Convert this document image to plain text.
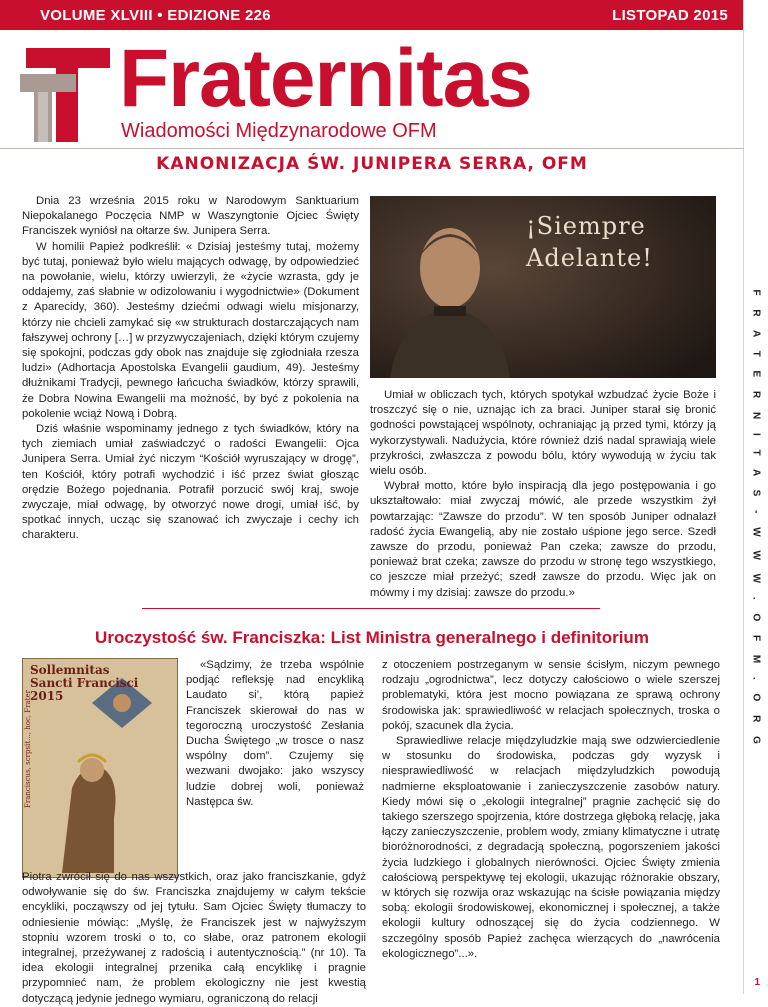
VOLUME XLVIII • EDIZIONE 226	LISTOPAD 2015
F R A T E R N I T A S - W W W . O F M . O R G
1
Fraternitas
Wiadomości Międzynarodowe OFM
KANONIZACJA ŚW. JUNIPERA SERRA, OFM

Dnia 23 września 2015 roku w Narodowym Sanktuarium Niepokalanego Poczęcia NMP w Waszyngtonie Ojciec Święty Franciszek wyniósł na ołtarze św. Junipera Serra.

W homilii Papież podkreślił: « Dzisiaj jesteśmy tutaj, możemy być tutaj, ponieważ było wielu mających odwagę, by odpowiedzieć na powołanie, wielu, którzy uwierzyli, że «życie wzrasta, gdy je oddajemy, zaś słabnie w odizolowaniu i wygodnictwie» (Dokument z Aparecidy, 360). Jesteśmy dziećmi odwagi wielu misjonarzy, którzy nie chcieli zamykać się «w strukturach dostarczających nam fałszywej ochrony […] w przyzwyczajeniach, dzięki którym czujemy się spokojni, podczas gdy obok nas znajduje się zgłodniała rzesza ludzi» (Adhortacja Apostolska Evangelii gaudium, 49). Jesteśmy dłużnikami Tradycji, pewnego łańcucha świadków, którzy sprawili, że Dobra Nowina Ewangelii ma możność, by być z pokolenia na pokolenie wciąż Nową i Dobrą.

Dziś właśnie wspominamy jednego z tych świadków, który na tych ziemiach umiał zaświadczyć o radości Ewangelii: Ojca Junipera Serra. Umiał żyć niczym “Kościół wyruszający w drogę”, ten Kościół, który potrafi wychodzić i iść przez świat głosząc orędzie Bożego pojednania. Potrafił porzucić swój kraj, swoje zwyczaje, miał odwagę, by otworzyć nowe drogi, umiał iść, by spotkać innych, ucząc się szanować ich zwyczaje i cechy ich charakteru.

¡Siempre
Adelante!

Umiał w obliczach tych, których spotykał wzbudzać życie Boże i troszczyć się o nie, uznając ich za braci. Juniper starał się bronić godności powstającej wspólnoty, ochraniając ją przed tymi, którzy ją wykorzystywali. Nadużycia, które również dziś nadal sprawiają wiele przykrości, zwłaszcza z powodu bólu, który wywodują w życiu tak wielu osób.

Wybrał motto, które było inspiracją dla jego postępowania i go ukształtowało: miał zwyczaj mówić, ale przede wszystkim żył powtarzając: “Zawsze do przodu”. W ten sposób Juniper odnalazł radość życia Ewangelią, aby nie zostało uśpione jego serce. Szedł zawsze do przodu, ponieważ Pan czeka; zawsze do przodu, ponieważ brat czeka; zawsze do przodu w stronę tego wszystkiego, co jeszcze miał przeżyć; szedł zawsze do przodu. Więc jak on mówmy i my dzisiaj: zawsze do przodu.»

Uroczystość św. Franciszka: List Ministra generalnego i definitorium
Sollemnitas
Sancti Francisci
2015
Franciscus, scrpsit..., hoc, Frater

«Sądzimy, że trzeba wspólnie podjąć refleksję nad encykliką Laudato si’, którą papież Franciszek skierował do nas w tegoroczną uroczystość Zesłania Ducha Świętego „w trosce o nasz wspólny dom”. Czujemy się wezwani dwojako: jako wszyscy ludzie dobrej woli, ponieważ Następca św.

Piotra zwrócił się do nas wszystkich, oraz jako franciszkanie, gdyż odwoływanie się do św. Franciszka znajdujemy w całym tekście encykliki, począwszy od jej tytułu. Sam Ojciec Święty tłumaczy to odniesienie mówiąc: „Myślę, że Franciszek jest w najwyższym stopniu wzorem troski o to, co słabe, oraz patronem ekologii integralnej, przeżywanej z radością i autentycznością.” (nr 10). Ta idea ekologii integralnej przenika całą encyklikę i pragnie przypomnieć nam, że problem ekologiczny nie jest kwestią dotyczącą jedynie jednego wymiaru, ograniczoną do relacji

z otoczeniem postrzeganym w sensie ścisłym, niczym pewnego rodzaju „ogrodnictwa”, lecz dotyczy całościowo o wiele szerszej problematyki, która jest mocno powiązana ze sprawą ochrony środowiska jak: sprawiedliwość w relacjach społecznych, troska o pokój, szacunek dla życia.

Sprawiedliwe relacje międzyludzkie mają swe odzwierciedlenie w stosunku do środowiska, podczas gdy wyzysk i niesprawiedliwość w relacjach międzyludzkich powodują nadmierne eksploatowanie i zanieczyszczenie zasobów natury. Kiedy mówi się o „ekologii integralnej” pragnie zachęcić się do takiego szerszego spojrzenia, które dostrzega głęboką relację, jaka łączy zanieczyszczenie, problem wody, zmiany klimatyczne i utratę bioróżnorodności, z degradacją społeczną, pogorszeniem jakości życia ludzkiego i globalnych nierówności. Ojciec Święty zmienia całościową perspektywę tej ekologii, ukazując różnorakie obszary, w których się rozwija oraz wskazując na ścisłe powiązania między sobą: ekologii środowiskowej, ekonomicznej i społecznej, a także ekologii kultury odnoszącej się do życia codziennego. W szczególny sposób Papież zachęca wierzących do „nawrócenia ekologicznego”...».
